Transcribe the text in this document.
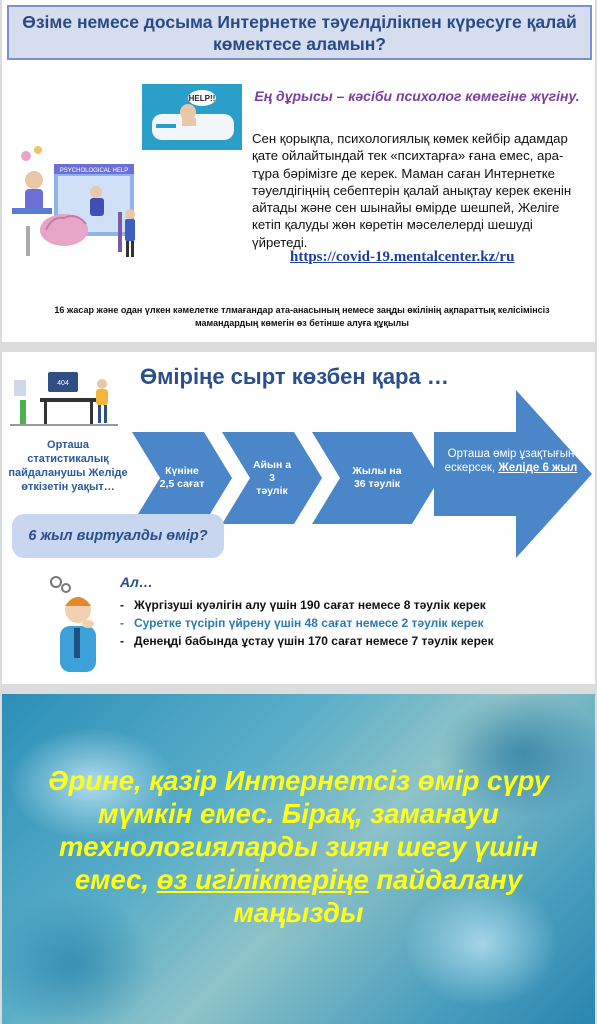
Өзіме немесе досыма Интернетке тәуелділікпен күресуге қалай көмектесе аламын?
PSYCHOLOGICAL HELP
HELP!!	Ең дұрысы – кәсіби психолог көмегіне жүгіну.
Сен қорықпа, психологиялық көмек кейбір адамдар қате ойлайтындай тек «психтарға» ғана емес, ара-тұра бәрімізге де керек. Маман саған Интернетке тәуелдігіңнің себептерін қалай анықтау керек екенін айтады және сен шынайы өмірде шешпей, Желіге кетіп қалуды жөн көретін мәселелерді шешуді үйретеді.
https://covid-19.mentalcenter.kz/ru
16 жасар және одан үлкен кәмелетке тлмағандар ата-анасының немесе заңды өкілінің ақпараттық келісімінсіз мамандардың көмегін өз бетінше алуға құқылы
404	Өміріңе сырт көзбен қара …
Орташа статистикалық пайдаланушы Желіде өткізетін уақыт…
Күніне 2,5 сағат
Айын а 3 тәулік
Жылы на 36 тәулік
Орташа өмір ұзақтығын ескерсек, Желіде 6 жыл
6 жыл виртуалды өмір?
Ал…
- Жүргізуші куәлігін алу үшін 190 сағат немесе 8 тәулік керек
- Суретке түсіріп үйрену үшін 48 сағат немесе 2 тәулік керек
- Денеңді бабында ұстау үшін 170 сағат немесе 7 тәулік керек
Әрине, қазір Интернетсіз өмір сүру мүмкін емес. Бірақ, заманауи технологияларды зиян шегу үшін емес, өз игіліктеріңе пайдалану маңызды
